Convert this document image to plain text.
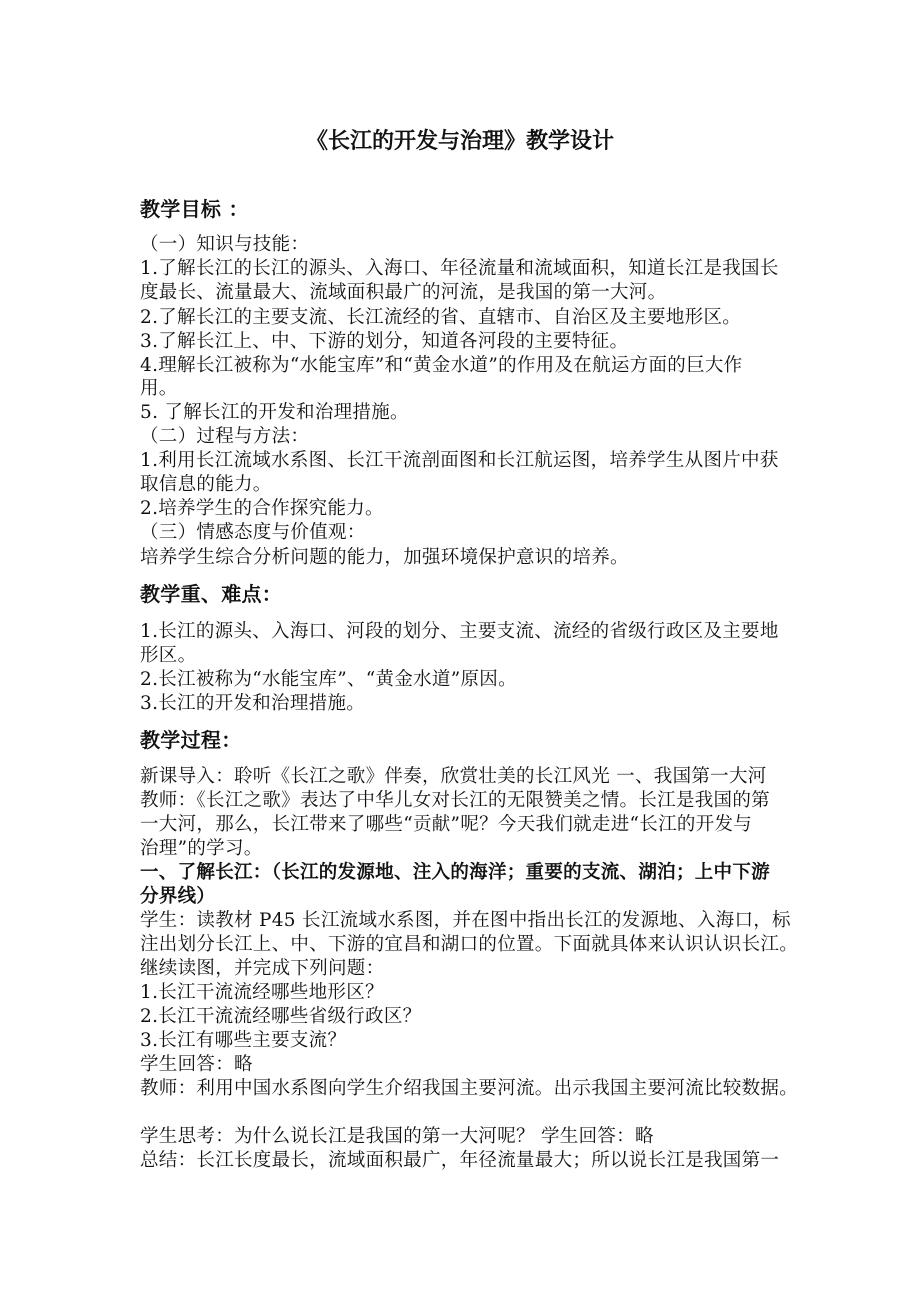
《长江的开发与治理》教学设计
教学目标 ：
（一）知识与技能：
1.了解长江的长江的源头、入海口、年径流量和流域面积，知道长江是我国长
度最长、流量最大、流域面积最广的河流，是我国的第一大河。
2.了解长江的主要支流、长江流经的省、直辖市、自治区及主要地形区。
3.了解长江上、中、下游的划分，知道各河段的主要特征。
4.理解长江被称为“水能宝库”和“黄金水道”的作用及在航运方面的巨大作
用。
5. 了解长江的开发和治理措施。
（二）过程与方法：
1.利用长江流域水系图、长江干流剖面图和长江航运图，培养学生从图片中获
取信息的能力。
2.培养学生的合作探究能力。
（三）情感态度与价值观：
培养学生综合分析问题的能力，加强环境保护意识的培养。
教学重、难点：
1.长江的源头、入海口、河段的划分、主要支流、流经的省级行政区及主要地
形区。
2.长江被称为“水能宝库”、“黄金水道”原因。
3.长江的开发和治理措施。
教学过程：
新课导入：聆听《长江之歌》伴奏，欣赏壮美的长江风光 一、我国第一大河
教师：《长江之歌》表达了中华儿女对长江的无限赞美之情。长江是我国的第
一大河，那么，长江带来了哪些“贡献”呢？今天我们就走进“长江的开发与
治理”的学习。
一、了解长江：（长江的发源地、注入的海洋；重要的支流、湖泊；上中下游
分界线）
学生：读教材 P45 长江流域水系图，并在图中指出长江的发源地、入海口，标
注出划分长江上、中、下游的宜昌和湖口的位置。下面就具体来认识认识长江。
继续读图，并完成下列问题：
1.长江干流流经哪些地形区？
2.长江干流流经哪些省级行政区？
3.长江有哪些主要支流？
学生回答：略
教师：利用中国水系图向学生介绍我国主要河流。出示我国主要河流比较数据。
学生思考：为什么说长江是我国的第一大河呢？ 学生回答：略
总结：长江长度最长，流域面积最广，年径流量最大；所以说长江是我国第一
